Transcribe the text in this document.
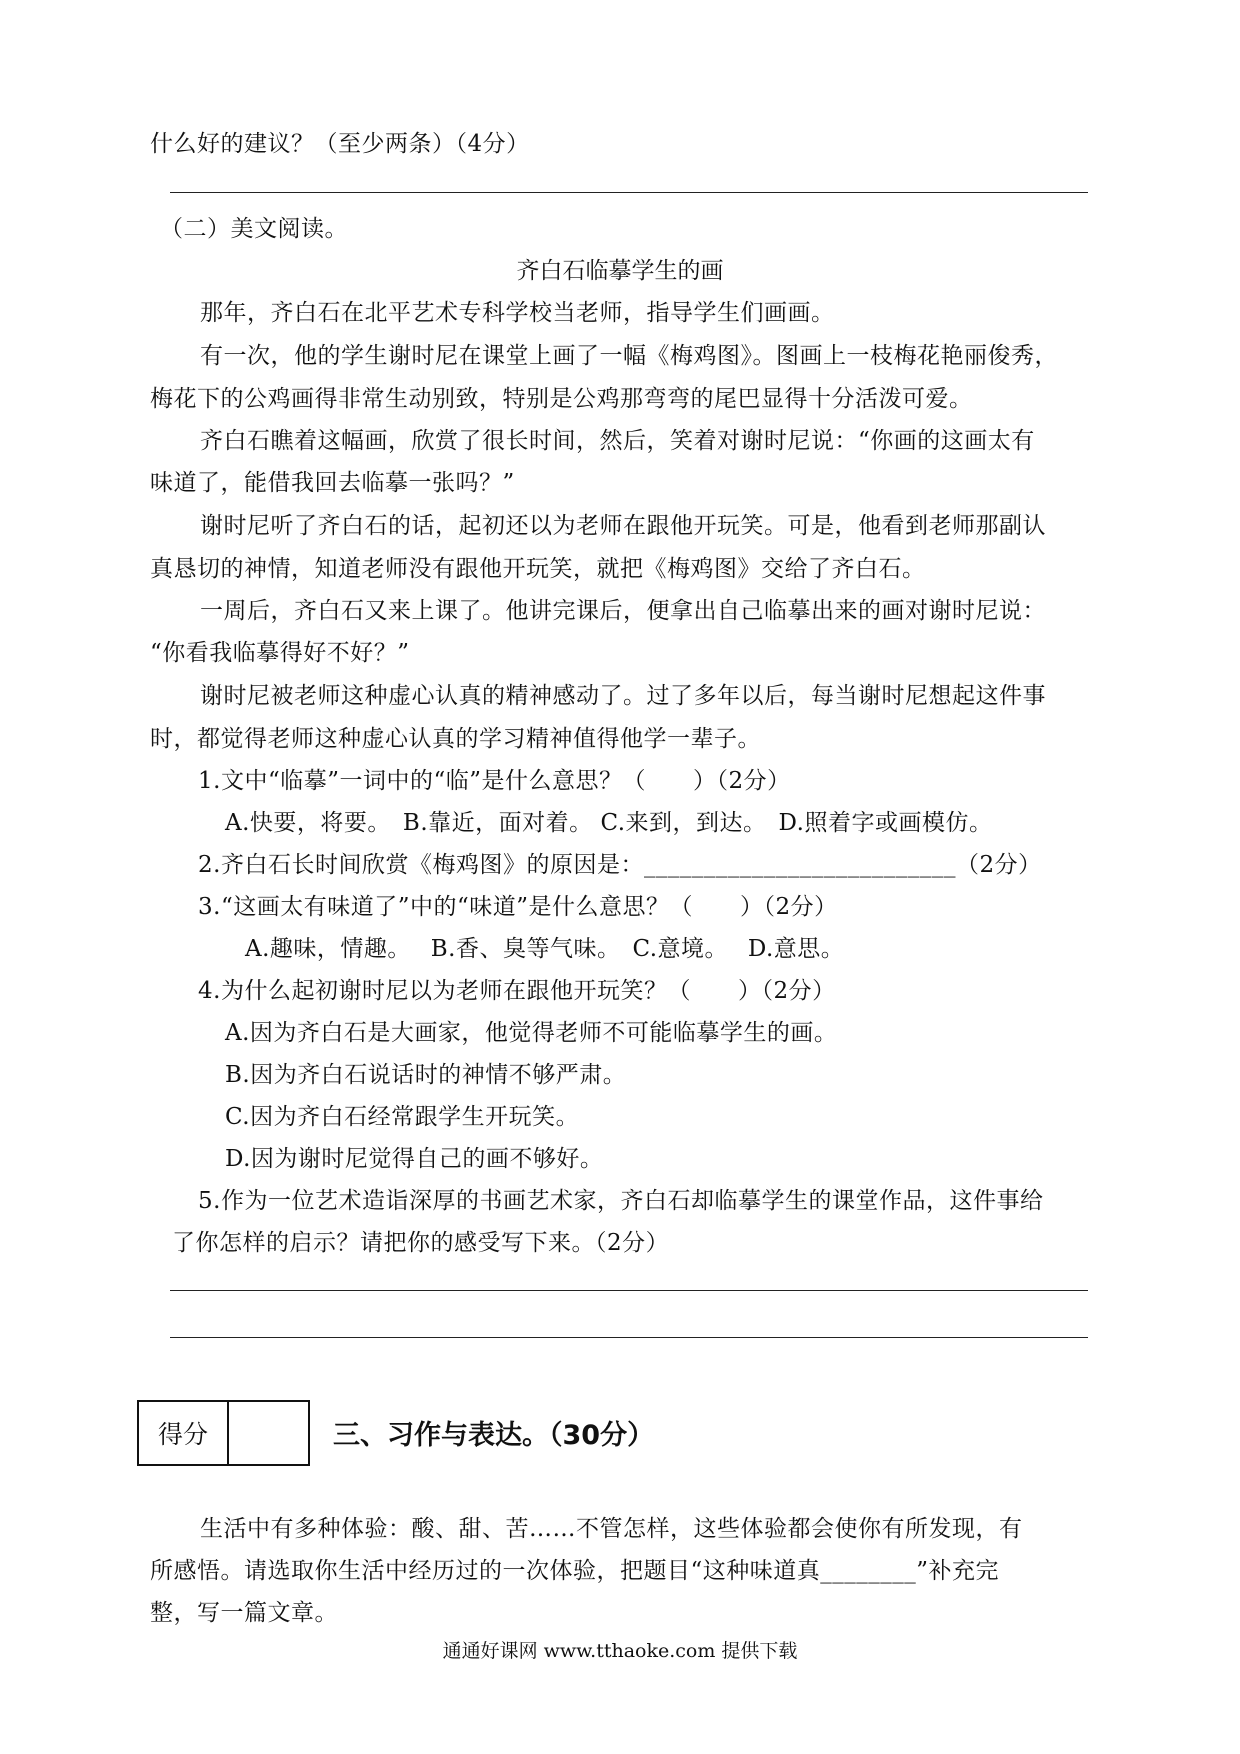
什么好的建议？（至少两条）（4分）
（二）美文阅读。
齐白石临摹学生的画
那年，齐白石在北平艺术专科学校当老师，指导学生们画画。
有一次，他的学生谢时尼在课堂上画了一幅《梅鸡图》。图画上一枝梅花艳丽俊秀，
梅花下的公鸡画得非常生动别致，特别是公鸡那弯弯的尾巴显得十分活泼可爱。
齐白石瞧着这幅画，欣赏了很长时间，然后，笑着对谢时尼说：“你画的这画太有
味道了，能借我回去临摹一张吗？”
谢时尼听了齐白石的话，起初还以为老师在跟他开玩笑。可是，他看到老师那副认
真恳切的神情，知道老师没有跟他开玩笑，就把《梅鸡图》交给了齐白石。
一周后，齐白石又来上课了。他讲完课后，便拿出自己临摹出来的画对谢时尼说：
“你看我临摹得好不好？”
谢时尼被老师这种虚心认真的精神感动了。过了多年以后，每当谢时尼想起这件事
时，都觉得老师这种虚心认真的学习精神值得他学一辈子。
1.文中“临摹”一词中的“临”是什么意思？（　　）（2分）
A.快要，将要。　B.靠近，面对着。 C.来到，到达。　D.照着字或画模仿。
2.齐白石长时间欣赏《梅鸡图》的原因是：__________________________（2分）
3.“这画太有味道了”中的“味道”是什么意思？（　　）（2分）
A.趣味，情趣。　 B.香、臭等气味。　C.意境。　 D.意思。
4.为什么起初谢时尼以为老师在跟他开玩笑？（　　）（2分）
A.因为齐白石是大画家，他觉得老师不可能临摹学生的画。
B.因为齐白石说话时的神情不够严肃。
C.因为齐白石经常跟学生开玩笑。
D.因为谢时尼觉得自己的画不够好。
5.作为一位艺术造诣深厚的书画艺术家，齐白石却临摹学生的课堂作品，这件事给
了你怎样的启示？请把你的感受写下来。（2分）
得分	三、习作与表达。（30分）
生活中有多种体验：酸、甜、苦……不管怎样，这些体验都会使你有所发现，有
所感悟。请选取你生活中经历过的一次体验，把题目“这种味道真________”补充完
整，写一篇文章。
通通好课网 www.tthaoke.com 提供下载
